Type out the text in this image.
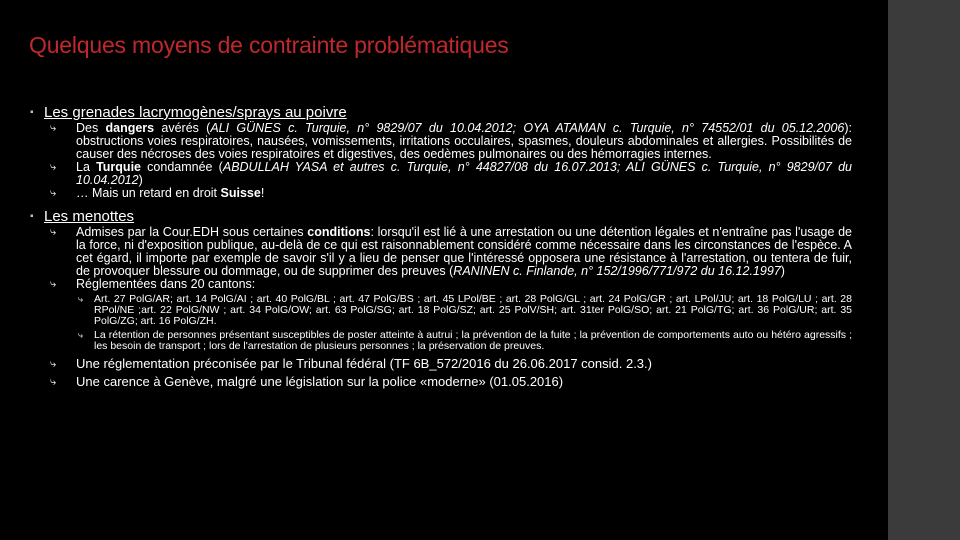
Quelques moyens de contrainte problématiques
▪ Les grenades lacrymogènes/sprays au poivre
⤷ Des dangers avérés (ALI GÜNES c. Turquie, n° 9829/07 du 10.04.2012; OYA ATAMAN c. Turquie, n° 74552/01 du 05.12.2006): obstructions voies respiratoires, nausées, vomissements, irritations occulaires, spasmes, douleurs abdominales et allergies. Possibilités de causer des nécroses des voies respiratoires et digestives, des oedèmes pulmonaires ou des hémorragies internes.
⤷ La Turquie condamnée (ABDULLAH YASA et autres c. Turquie, n° 44827/08 du 16.07.2013; ALI GÜNES c. Turquie, n° 9829/07 du 10.04.2012)
⤷ … Mais un retard en droit Suisse!
▪ Les menottes
⤷ Admises par la Cour.EDH sous certaines conditions: lorsqu'il est lié à une arrestation ou une détention légales et n'entraîne pas l'usage de la force, ni d'exposition publique, au-delà de ce qui est raisonnablement considéré comme nécessaire dans les circonstances de l'espèce. A cet égard, il importe par exemple de savoir s'il y a lieu de penser que l'intéressé opposera une résistance à l'arrestation, ou tentera de fuir, de provoquer blessure ou dommage, ou de supprimer des preuves (RANINEN c. Finlande, n° 152/1996/771/972 du 16.12.1997)
⤷ Réglementées dans 20 cantons:
⤷ Art. 27 PolG/AR; art. 14 PolG/AI ; art. 40 PolG/BL ; art. 47 PolG/BS ; art. 45 LPol/BE ; art. 28 PolG/GL ; art. 24 PolG/GR ; art. LPol/JU; art. 18 PolG/LU ; art. 28 RPol/NE ;art. 22 PolG/NW ; art. 34 PolG/OW; art. 63 PolG/SG; art. 18 PolG/SZ; art. 25 PolV/SH; art. 31ter PolG/SO; art. 21 PolG/TG; art. 36 PolG/UR; art. 35 PolG/ZG; art. 16 PolG/ZH.
⤷ La rétention de personnes présentant susceptibles de poster atteinte à autrui ; la prévention de la fuite ; la prévention de comportements auto ou hétéro agressifs ; les besoin de transport ; lors de l'arrestation de plusieurs personnes ; la préservation de preuves.
⤷ Une réglementation préconisée par le Tribunal fédéral (TF 6B_572/2016 du 26.06.2017 consid. 2.3.)
⤷ Une carence à Genève, malgré une législation sur la police «moderne» (01.05.2016)
